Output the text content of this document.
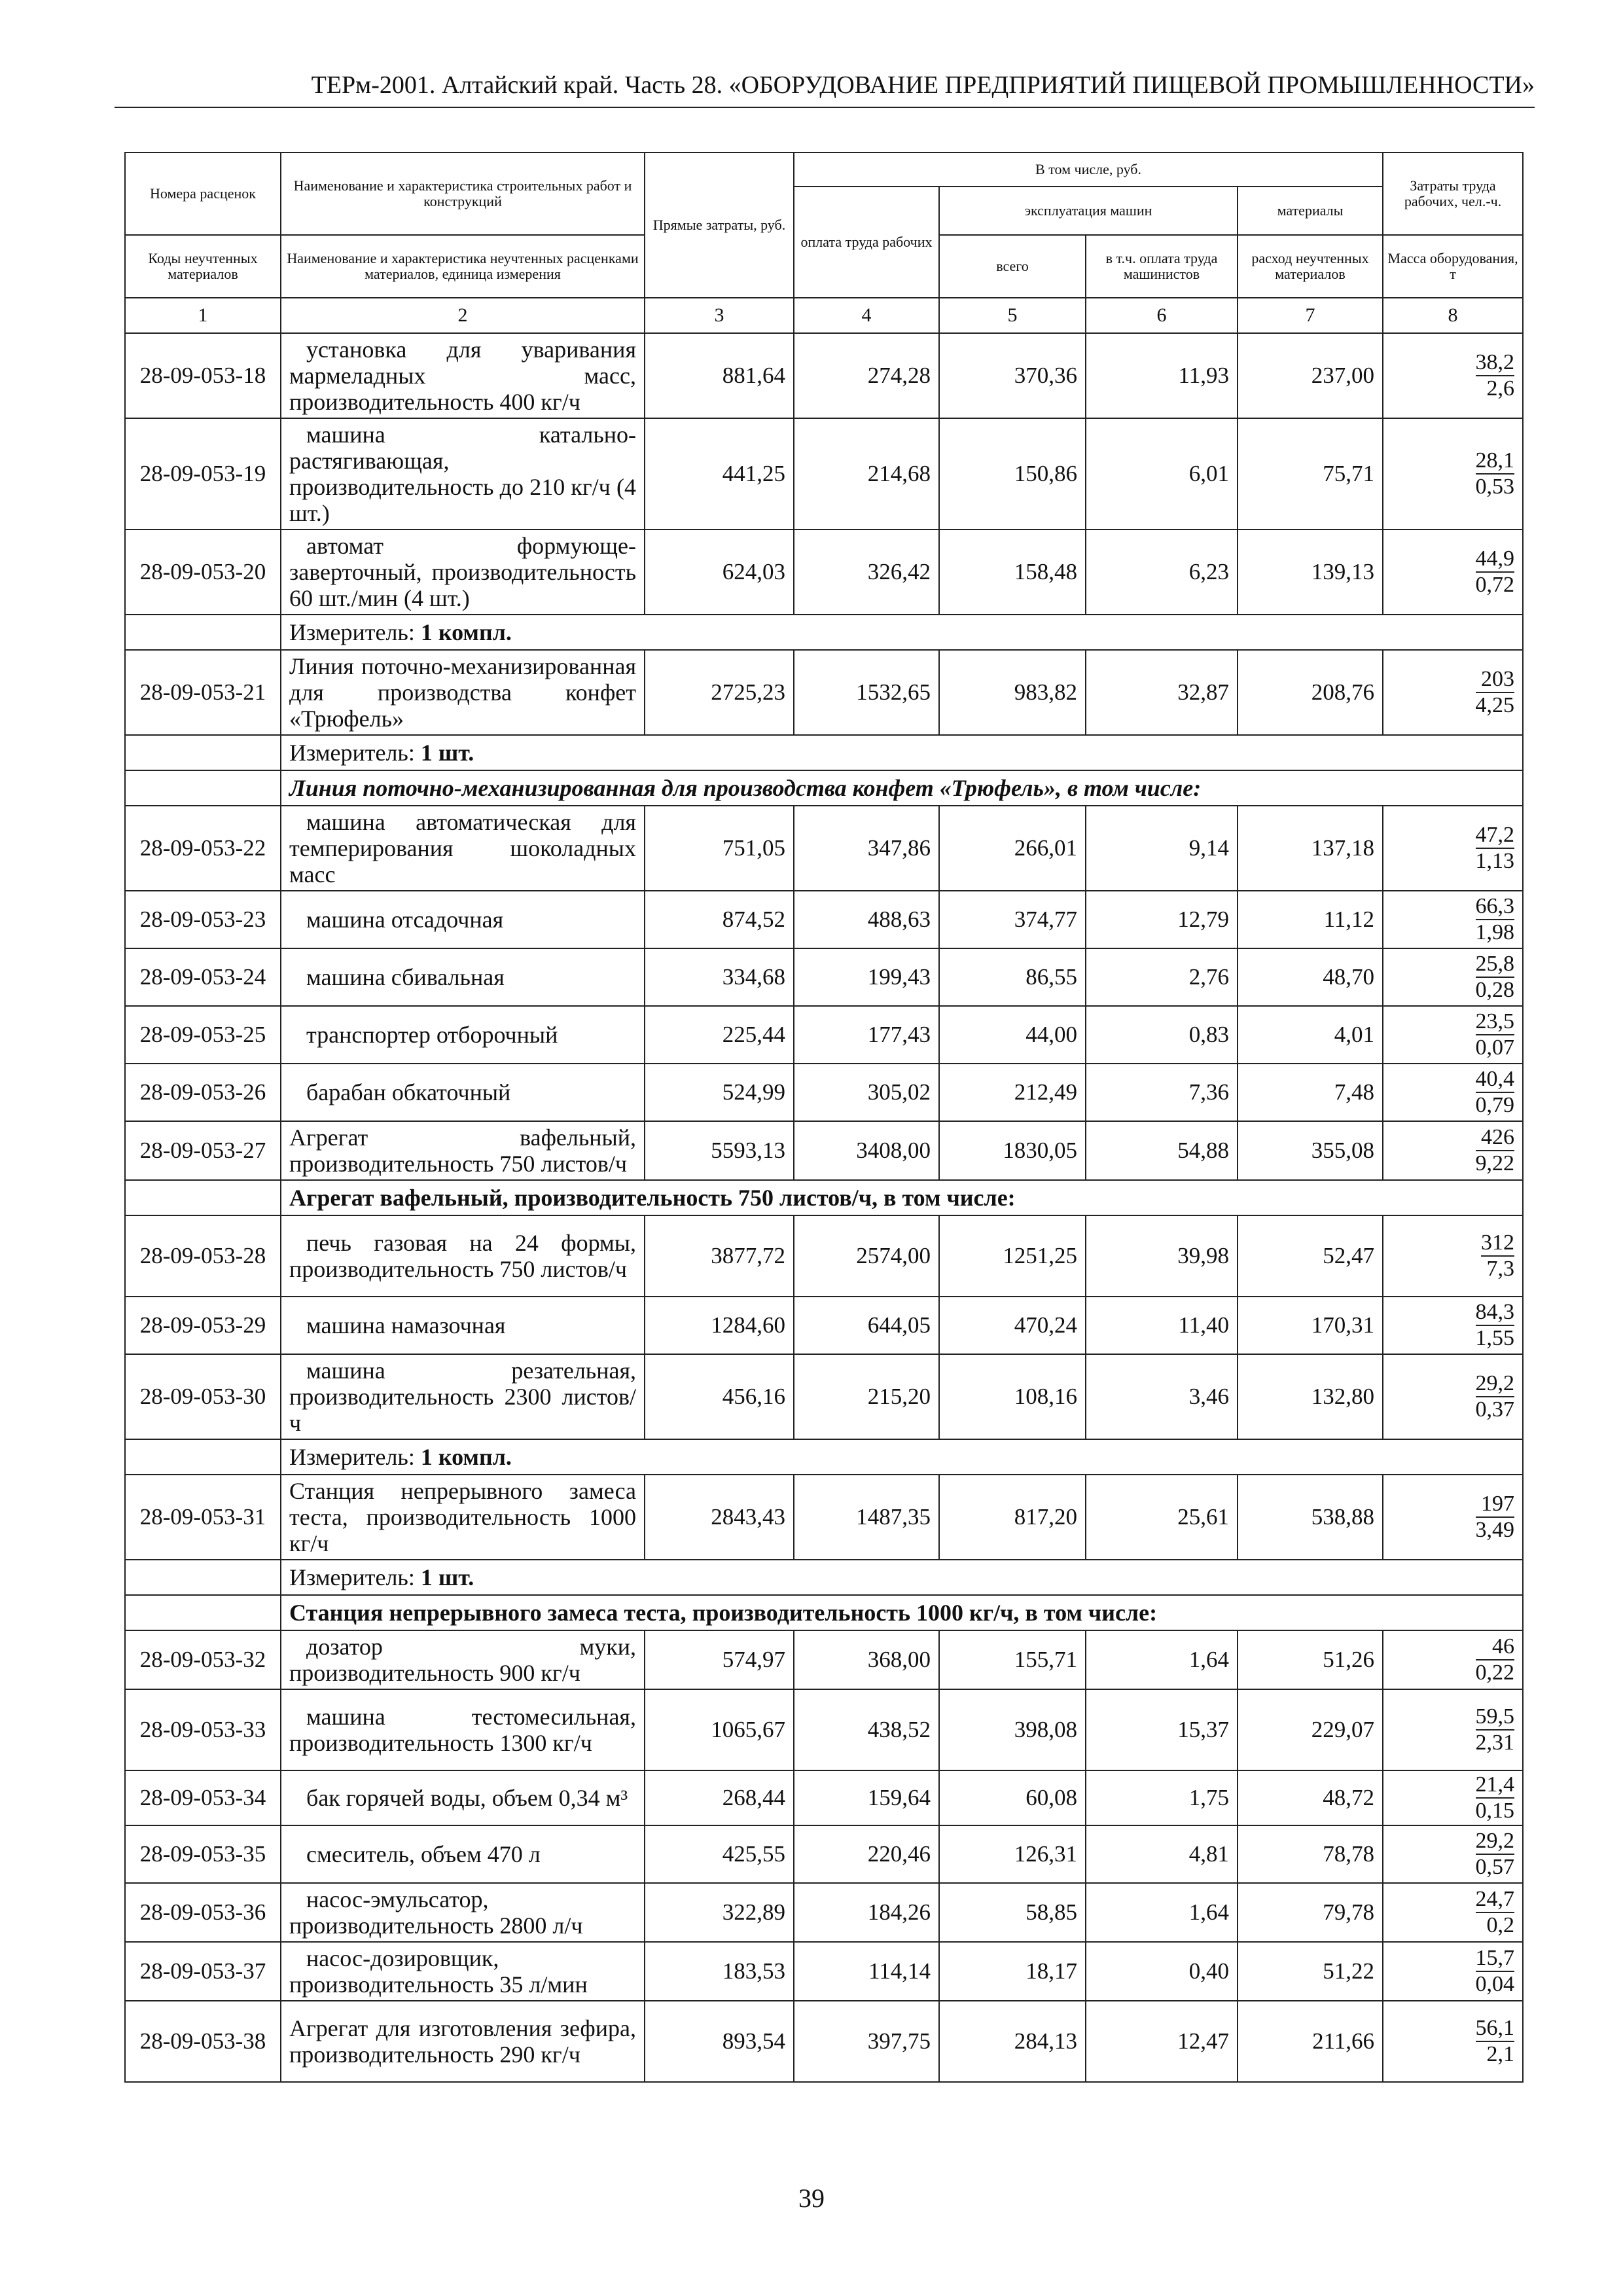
ТЕРм-2001. Алтайский край. Часть 28. «ОБОРУДОВАНИЕ ПРЕДПРИЯТИЙ ПИЩЕВОЙ ПРОМЫШЛЕННОСТИ»
Номера расценок	Наименование и характеристика строительных работ и конструкций	Прямые затраты, руб.	В том числе, руб.				Затраты труда рабочих, чел.-ч.
			оплата труда рабочих	эксплуатация машин		материалы	
Коды неучтенных материалов	Наименование и характеристика неучтенных расценками материалов, единица измерения			всего	в т.ч. оплата труда машинистов	расход неучтенных материалов	Масса оборудования, т
1	2	3	4	5	6	7	8
28-09-053-18	установка для уваривания мармеладных масс, производительность 400 кг/ч	881,64	274,28	370,36	11,93	237,00	$\frac{38,2}{2,6}$

28-09-053-19	машина катально-растягивающая, производительность до 210 кг/ч (4 шт.)	441,25	214,68	150,86	6,01	75,71	$\frac{28,1}{0,53}$

28-09-053-20	автомат формующе-заверточный, производительность 60 шт./мин (4 шт.)	624,03	326,42	158,48	6,23	139,13	$\frac{44,9}{0,72}$

	Измеритель: 1 компл.						
28-09-053-21	Линия поточно-механизированная для производства конфет «Трюфель»	2725,23	1532,65	983,82	32,87	208,76	$\frac{203}{4,25}$

	Измеритель: 1 шт.						
	Линия поточно-механизированная для производства конфет «Трюфель», в том числе:						
28-09-053-22	машина автоматическая для темперирования шоколадных масс	751,05	347,86	266,01	9,14	137,18	$\frac{47,2}{1,13}$

28-09-053-23	машина отсадочная	874,52	488,63	374,77	12,79	11,12	$\frac{66,3}{1,98}$

28-09-053-24	машина сбивальная	334,68	199,43	86,55	2,76	48,70	$\frac{25,8}{0,28}$

28-09-053-25	транспортер отборочный	225,44	177,43	44,00	0,83	4,01	$\frac{23,5}{0,07}$

28-09-053-26	барабан обкаточный	524,99	305,02	212,49	7,36	7,48	$\frac{40,4}{0,79}$

28-09-053-27	Агрегат вафельный, производительность 750 листов/ч	5593,13	3408,00	1830,05	54,88	355,08	$\frac{426}{9,22}$

	Агрегат вафельный, производительность 750 листов/ч, в том числе:						
28-09-053-28	печь газовая на 24 формы, производительность 750 листов/ч	3877,72	2574,00	1251,25	39,98	52,47	$\frac{312}{7,3}$

28-09-053-29	машина намазочная	1284,60	644,05	470,24	11,40	170,31	$\frac{84,3}{1,55}$

28-09-053-30	машина резательная, производительность 2300 листов/ч	456,16	215,20	108,16	3,46	132,80	$\frac{29,2}{0,37}$

	Измеритель: 1 компл.						
28-09-053-31	Станция непрерывного замеса теста, производительность 1000 кг/ч	2843,43	1487,35	817,20	25,61	538,88	$\frac{197}{3,49}$

	Измеритель: 1 шт.						
	Станция непрерывного замеса теста, производительность 1000 кг/ч, в том числе:						
28-09-053-32	дозатор муки, производительность 900 кг/ч	574,97	368,00	155,71	1,64	51,26	$\frac{46}{0,22}$

28-09-053-33	машина тестомесильная, производительность 1300 кг/ч	1065,67	438,52	398,08	15,37	229,07	$\frac{59,5}{2,31}$

28-09-053-34	бак горячей воды, объем 0,34 м³	268,44	159,64	60,08	1,75	48,72	$\frac{21,4}{0,15}$

28-09-053-35	смеситель, объем 470 л	425,55	220,46	126,31	4,81	78,78	$\frac{29,2}{0,57}$

28-09-053-36	насос-эмульсатор, производительность 2800 л/ч	322,89	184,26	58,85	1,64	79,78	$\frac{24,7}{0,2}$

28-09-053-37	насос-дозировщик, производительность 35 л/мин	183,53	114,14	18,17	0,40	51,22	$\frac{15,7}{0,04}$

28-09-053-38	Агрегат для изготовления зефира, производительность 290 кг/ч	893,54	397,75	284,13	12,47	211,66	$\frac{56,1}{2,1}$
39
